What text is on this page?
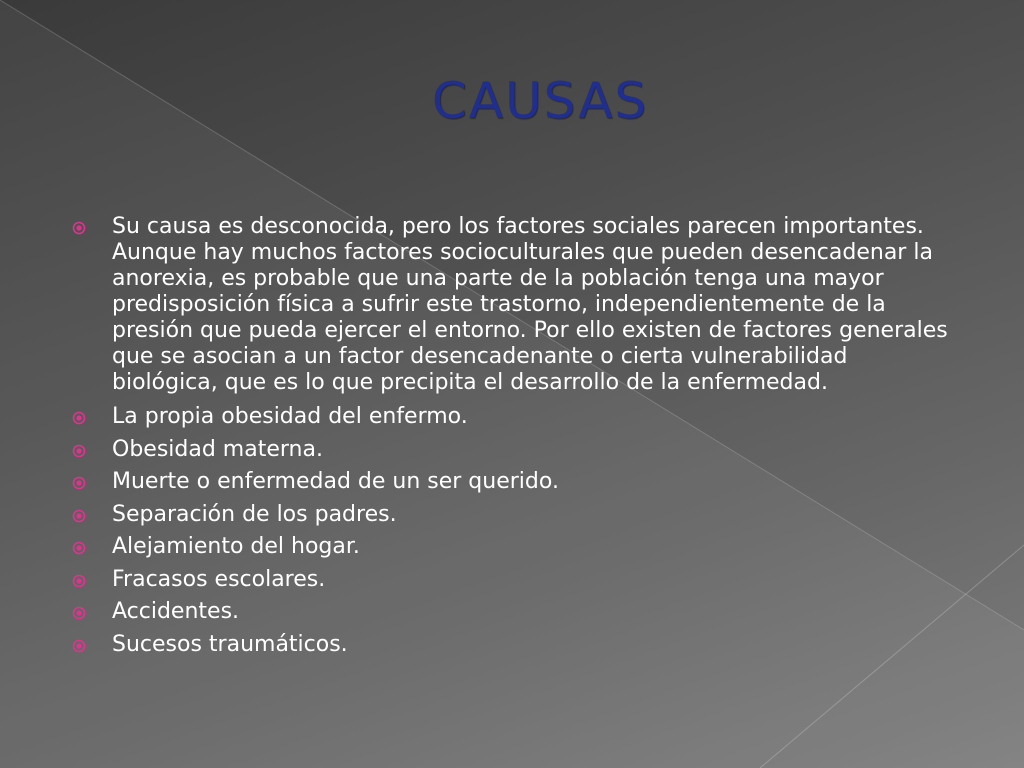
CAUSAS
Su causa es desconocida, pero los factores sociales parecen importantes. Aunque hay muchos factores socioculturales que pueden desencadenar la anorexia, es probable que una parte de la población tenga una mayor predisposición física a sufrir este trastorno, independientemente de la presión que pueda ejercer el entorno. Por ello existen de factores generales que se asocian a un factor desencadenante o cierta vulnerabilidad biológica, que es lo que precipita el desarrollo de la enfermedad.
La propia obesidad del enfermo.
Obesidad materna.
Muerte o enfermedad de un ser querido.
Separación de los padres.
Alejamiento del hogar.
Fracasos escolares.
Accidentes.
Sucesos traumáticos.
